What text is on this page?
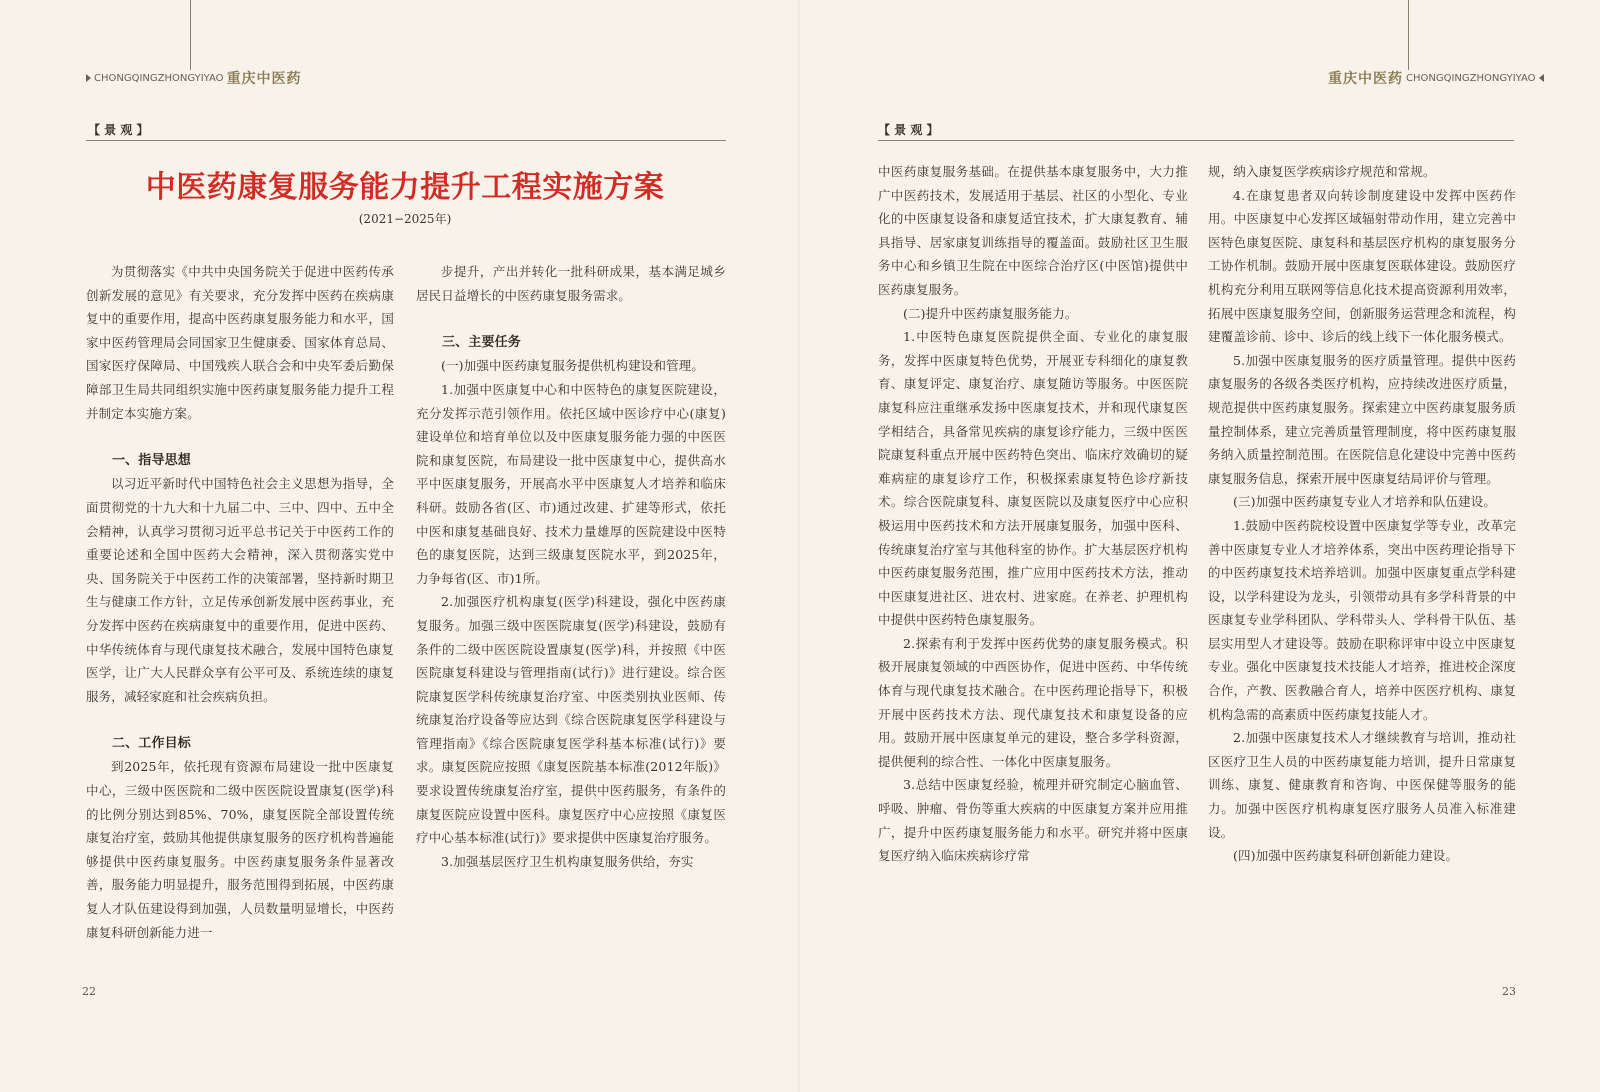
CHONGQINGZHONGYIYAO 重庆中医药
【 景 观 】
中医药康复服务能力提升工程实施方案
(2021−2025年)

为贯彻落实《中共中央国务院关于促进中医药传承创新发展的意见》有关要求，充分发挥中医药在疾病康复中的重要作用，提高中医药康复服务能力和水平，国家中医药管理局会同国家卫生健康委、国家体育总局、国家医疗保障局、中国残疾人联合会和中央军委后勤保障部卫生局共同组织实施中医药康复服务能力提升工程并制定本实施方案。

一、指导思想

以习近平新时代中国特色社会主义思想为指导，全面贯彻党的十九大和十九届二中、三中、四中、五中全会精神，认真学习贯彻习近平总书记关于中医药工作的重要论述和全国中医药大会精神，深入贯彻落实党中央、国务院关于中医药工作的决策部署，坚持新时期卫生与健康工作方针，立足传承创新发展中医药事业，充分发挥中医药在疾病康复中的重要作用，促进中医药、中华传统体育与现代康复技术融合，发展中国特色康复医学，让广大人民群众享有公平可及、系统连续的康复服务，减轻家庭和社会疾病负担。

二、工作目标

到2025年，依托现有资源布局建设一批中医康复中心，三级中医医院和二级中医医院设置康复(医学)科的比例分别达到85%、70%，康复医院全部设置传统康复治疗室，鼓励其他提供康复服务的医疗机构普遍能够提供中医药康复服务。中医药康复服务条件显著改善，服务能力明显提升，服务范围得到拓展，中医药康复人才队伍建设得到加强，人员数量明显增长，中医药康复科研创新能力进一

步提升，产出并转化一批科研成果，基本满足城乡居民日益增长的中医药康复服务需求。

三、主要任务

(一)加强中医药康复服务提供机构建设和管理。

1.加强中医康复中心和中医特色的康复医院建设，充分发挥示范引领作用。依托区域中医诊疗中心(康复)建设单位和培育单位以及中医康复服务能力强的中医医院和康复医院，布局建设一批中医康复中心，提供高水平中医康复服务，开展高水平中医康复人才培养和临床科研。鼓励各省(区、市)通过改建、扩建等形式，依托中医和康复基础良好、技术力量雄厚的医院建设中医特色的康复医院，达到三级康复医院水平，到2025年，力争每省(区、市)1所。

2.加强医疗机构康复(医学)科建设，强化中医药康复服务。加强三级中医医院康复(医学)科建设，鼓励有条件的二级中医医院设置康复(医学)科，并按照《中医医院康复科建设与管理指南(试行)》进行建设。综合医院康复医学科传统康复治疗室、中医类别执业医师、传统康复治疗设备等应达到《综合医院康复医学科建设与管理指南》《综合医院康复医学科基本标准(试行)》要求。康复医院应按照《康复医院基本标准(2012年版)》要求设置传统康复治疗室，提供中医药服务，有条件的康复医院应设置中医科。康复医疗中心应按照《康复医疗中心基本标准(试行)》要求提供中医康复治疗服务。

3.加强基层医疗卫生机构康复服务供给，夯实

22
重庆中医药 CHONGQINGZHONGYIYAO
【 景 观 】

中医药康复服务基础。在提供基本康复服务中，大力推广中医药技术，发展适用于基层、社区的小型化、专业化的中医康复设备和康复适宜技术，扩大康复教育、辅具指导、居家康复训练指导的覆盖面。鼓励社区卫生服务中心和乡镇卫生院在中医综合治疗区(中医馆)提供中医药康复服务。

(二)提升中医药康复服务能力。

1.中医特色康复医院提供全面、专业化的康复服务，发挥中医康复特色优势，开展亚专科细化的康复教育、康复评定、康复治疗、康复随访等服务。中医医院康复科应注重继承发扬中医康复技术，并和现代康复医学相结合，具备常见疾病的康复诊疗能力，三级中医医院康复科重点开展中医药特色突出、临床疗效确切的疑难病症的康复诊疗工作，积极探索康复特色诊疗新技术。综合医院康复科、康复医院以及康复医疗中心应积极运用中医药技术和方法开展康复服务，加强中医科、传统康复治疗室与其他科室的协作。扩大基层医疗机构中医药康复服务范围，推广应用中医药技术方法，推动中医康复进社区、进农村、进家庭。在养老、护理机构中提供中医药特色康复服务。

2.探索有利于发挥中医药优势的康复服务模式。积极开展康复领域的中西医协作，促进中医药、中华传统体育与现代康复技术融合。在中医药理论指导下，积极开展中医药技术方法、现代康复技术和康复设备的应用。鼓励开展中医康复单元的建设，整合多学科资源，提供便利的综合性、一体化中医康复服务。

3.总结中医康复经验，梳理并研究制定心脑血管、呼吸、肿瘤、骨伤等重大疾病的中医康复方案并应用推广，提升中医药康复服务能力和水平。研究并将中医康复医疗纳入临床疾病诊疗常

规，纳入康复医学疾病诊疗规范和常规。

4.在康复患者双向转诊制度建设中发挥中医药作用。中医康复中心发挥区域辐射带动作用，建立完善中医特色康复医院、康复科和基层医疗机构的康复服务分工协作机制。鼓励开展中医康复医联体建设。鼓励医疗机构充分利用互联网等信息化技术提高资源利用效率，拓展中医康复服务空间，创新服务运营理念和流程，构建覆盖诊前、诊中、诊后的线上线下一体化服务模式。

5.加强中医康复服务的医疗质量管理。提供中医药康复服务的各级各类医疗机构，应持续改进医疗质量，规范提供中医药康复服务。探索建立中医药康复服务质量控制体系，建立完善质量管理制度，将中医药康复服务纳入质量控制范围。在医院信息化建设中完善中医药康复服务信息，探索开展中医康复结局评价与管理。

(三)加强中医药康复专业人才培养和队伍建设。

1.鼓励中医药院校设置中医康复学等专业，改革完善中医康复专业人才培养体系，突出中医药理论指导下的中医药康复技术培养培训。加强中医康复重点学科建设，以学科建设为龙头，引领带动具有多学科背景的中医康复专业学科团队、学科带头人、学科骨干队伍、基层实用型人才建设等。鼓励在职称评审中设立中医康复专业。强化中医康复技术技能人才培养，推进校企深度合作，产教、医教融合育人，培养中医医疗机构、康复机构急需的高素质中医药康复技能人才。

2.加强中医康复技术人才继续教育与培训，推动社区医疗卫生人员的中医药康复能力培训，提升日常康复训练、康复、健康教育和咨询、中医保健等服务的能力。加强中医医疗机构康复医疗服务人员准入标准建设。

(四)加强中医药康复科研创新能力建设。

23
